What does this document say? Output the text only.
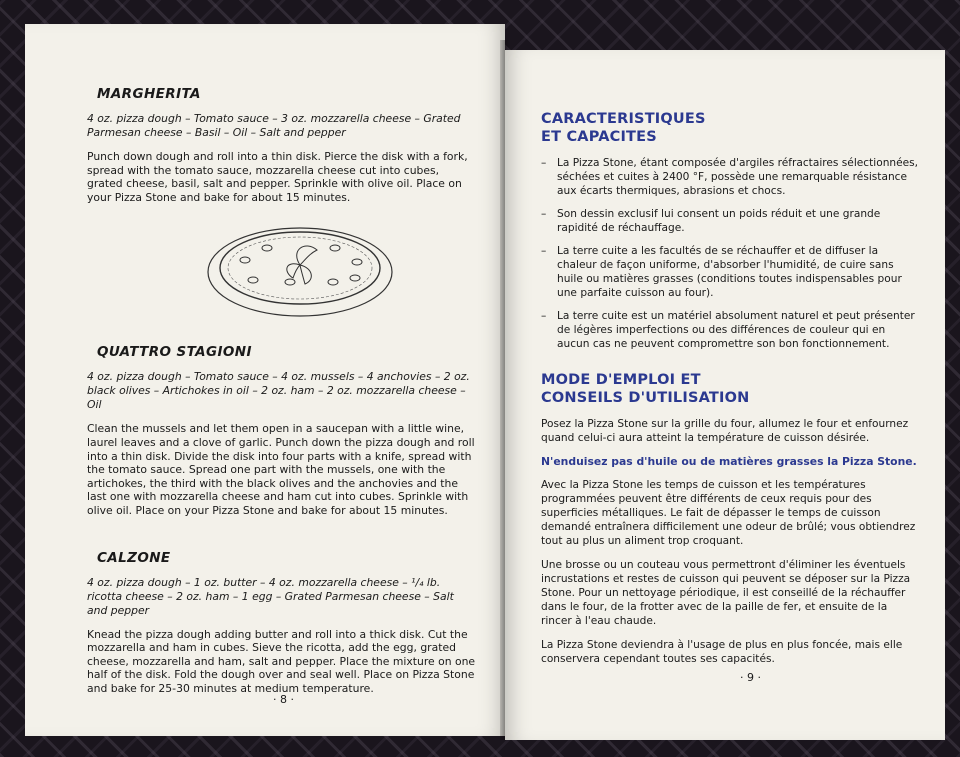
MARGHERITA

4 oz. pizza dough – Tomato sauce – 3 oz. mozzarella cheese – Grated Parmesan cheese – Basil – Oil – Salt and pepper

Punch down dough and roll into a thin disk. Pierce the disk with a fork, spread with the tomato sauce, mozzarella cheese cut into cubes, grated cheese, basil, salt and pepper. Sprinkle with olive oil. Place on your Pizza Stone and bake for about 15 minutes.

QUATTRO STAGIONI

4 oz. pizza dough – Tomato sauce – 4 oz. mussels – 4 anchovies – 2 oz. black olives – Artichokes in oil – 2 oz. ham – 2 oz. mozzarella cheese – Oil

Clean the mussels and let them open in a saucepan with a little wine, laurel leaves and a clove of garlic. Punch down the pizza dough and roll into a thin disk. Divide the disk into four parts with a knife, spread with the tomato sauce. Spread one part with the mussels, one with the artichokes, the third with the black olives and the anchovies and the last one with mozzarella cheese and ham cut into cubes. Sprinkle with olive oil. Place on your Pizza Stone and bake for about 15 minutes.

CALZONE

4 oz. pizza dough – 1 oz. butter – 4 oz. mozzarella cheese – ¹/₄ lb. ricotta cheese – 2 oz. ham – 1 egg – Grated Parmesan cheese – Salt and pepper

Knead the pizza dough adding butter and roll into a thick disk. Cut the mozzarella and ham in cubes. Sieve the ricotta, add the egg, grated cheese, mozzarella and ham, salt and pepper. Place the mixture on one half of the disk. Fold the dough over and seal well. Place on Pizza Stone and bake for 25-30 minutes at medium temperature.

· 8 ·
CARACTERISTIQUES
ET CAPACITES
– La Pizza Stone, étant composée d'argiles réfractaires sélectionnées, séchées et cuites à 2400 °F, possède une remarquable résistance aux écarts thermiques, abrasions et chocs.
– Son dessin exclusif lui consent un poids réduit et une grande rapidité de réchauffage.
– La terre cuite a les facultés de se réchauffer et de diffuser la chaleur de façon uniforme, d'absorber l'humidité, de cuire sans huile ou matières grasses (conditions toutes indispensables pour une parfaite cuisson au four).
– La terre cuite est un matériel absolument naturel et peut présenter de légères imperfections ou des différences de couleur qui en aucun cas ne peuvent compromettre son bon fonctionnement.
MODE D'EMPLOI ET
CONSEILS D'UTILISATION

Posez la Pizza Stone sur la grille du four, allumez le four et enfournez quand celui-ci aura atteint la température de cuisson désirée.

N'enduisez pas d'huile ou de matières grasses la Pizza Stone.

Avec la Pizza Stone les temps de cuisson et les températures programmées peuvent être différents de ceux requis pour des superficies métalliques. Le fait de dépasser le temps de cuisson demandé entraînera difficilement une odeur de brûlé; vous obtiendrez tout au plus un aliment trop croquant.

Une brosse ou un couteau vous permettront d'éliminer les éventuels incrustations et restes de cuisson qui peuvent se déposer sur la Pizza Stone. Pour un nettoyage périodique, il est conseillé de la réchauffer dans le four, de la frotter avec de la paille de fer, et ensuite de la rincer à l'eau chaude.

La Pizza Stone deviendra à l'usage de plus en plus foncée, mais elle conservera cependant toutes ses capacités.

· 9 ·
